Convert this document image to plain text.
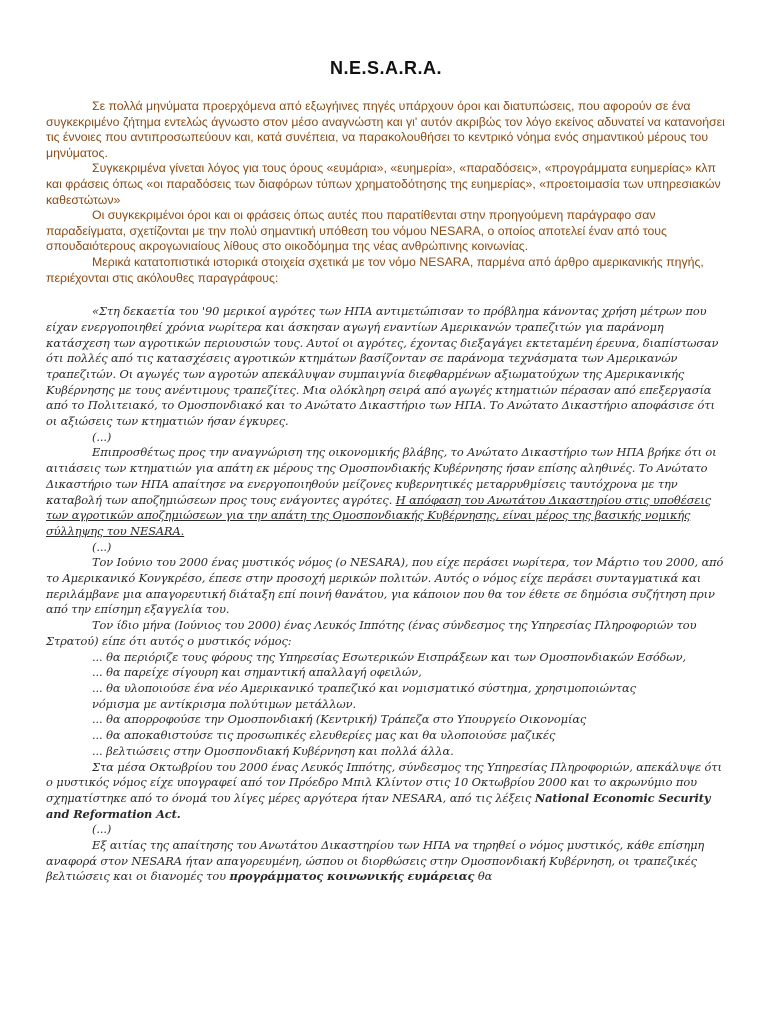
N.E.S.A.R.A.

Σε πολλά μηνύματα προερχόμενα από εξωγήινες πηγές υπάρχουν όροι και διατυπώσεις, που αφορούν σε ένα συγκεκριμένο ζήτημα εντελώς άγνωστο στον μέσο αναγνώστη και γι' αυτόν ακριβώς τον λόγο εκείνος αδυνατεί να κατανοήσει τις έννοιες που αντιπροσωπεύουν και, κατά συνέπεια, να παρακολουθήσει το κεντρικό νόημα ενός σημαντικού μέρους του μηνύματος.

Συγκεκριμένα γίνεται λόγος για τους όρους «ευμάρια», «ευημερία», «παραδόσεις», «προγράμματα ευημερίας» κλπ και φράσεις όπως «οι παραδόσεις των διαφόρων τύπων χρηματοδότησης της ευημερίας», «προετοιμασία των υπηρεσιακών καθεστώτων»

Οι συγκεκριμένοι όροι και οι φράσεις όπως αυτές που παρατίθενται στην προηγούμενη παράγραφο σαν παραδείγματα, σχετίζονται με την πολύ σημαντική υπόθεση του νόμου NESARA, ο οποίος αποτελεί έναν από τους σπουδαιότερους ακρογωνιαίους λίθους στο οικοδόμημα της νέας ανθρώπινης κοινωνίας.

Μερικά κατατοπιστικά ιστορικά στοιχεία σχετικά με τον νόμο NESARA, παρμένα από άρθρο αμερικανικής πηγής, περιέχονται στις ακόλουθες παραγράφους:

«Στη δεκαετία του '90 μερικοί αγρότες των ΗΠΑ αντιμετώπισαν το πρόβλημα κάνοντας χρήση μέτρων που είχαν ενεργοποιηθεί χρόνια νωρίτερα και άσκησαν αγωγή εναντίων Αμερικανών τραπεζιτών για παράνομη κατάσχεση των αγροτικών περιουσιών τους. Αυτοί οι αγρότες, έχοντας διεξαγάγει εκτεταμένη έρευνα, διαπίστωσαν ότι πολλές από τις κατασχέσεις αγροτικών κτημάτων βασίζονταν σε παράνομα τεχνάσματα των Αμερικανών τραπεζιτών. Οι αγωγές των αγροτών απεκάλυψαν συμπαιγνία διεφθαρμένων αξιωματούχων της Αμερικανικής Κυβέρνησης με τους ανέντιμους τραπεζίτες. Μια ολόκληρη σειρά από αγωγές κτηματιών πέρασαν από επεξεργασία από το Πολιτειακό, το Ομοσπονδιακό και το Ανώτατο Δικαστήριο των ΗΠΑ. Το Ανώτατο Δικαστήριο αποφάσισε ότι οι αξιώσεις των κτηματιών ήσαν έγκυρες.

(...)

Επιπροσθέτως προς την αναγνώριση της οικονομικής βλάβης, το Ανώτατο Δικαστήριο των ΗΠΑ βρήκε ότι οι αιτιάσεις των κτηματιών για απάτη εκ μέρους της Ομοσπονδιακής Κυβέρνησης ήσαν επίσης αληθινές. Το Ανώτατο Δικαστήριο των ΗΠΑ απαίτησε να ενεργοποιηθούν μείζονες κυβερνητικές μεταρρυθμίσεις ταυτόχρονα με την καταβολή των αποζημιώσεων προς τους ενάγοντες αγρότες. Η απόφαση του Ανωτάτου Δικαστηρίου στις υποθέσεις των αγροτικών αποζημιώσεων για την απάτη της Ομοσπονδιακής Κυβέρνησης, είναι μέρος της βασικής νομικής σύλληψης του NESARA.

(...)

Τον Ιούνιο του 2000 ένας μυστικός νόμος (ο NESARA), που είχε περάσει νωρίτερα, τον Μάρτιο του 2000, από το Αμερικανικό Κονγκρέσο, έπεσε στην προσοχή μερικών πολιτών. Αυτός ο νόμος είχε περάσει συνταγματικά και περιλάμβανε μια απαγορευτική διάταξη επί ποινή θανάτου, για κάποιον που θα τον έθετε σε δημόσια συζήτηση πριν από την επίσημη εξαγγελία του.

Τον ίδιο μήνα (Ιούνιος του 2000) ένας Λευκός Ιππότης (ένας σύνδεσμος της Υπηρεσίας Πληροφοριών του Στρατού) είπε ότι αυτός ο μυστικός νόμος:

... θα περιόριζε τους φόρους της Υπηρεσίας Εσωτερικών Εισπράξεων και των Ομοσπονδιακών Εσόδων,

... θα παρείχε σίγουρη και σημαντική απαλλαγή οφειλών,

... θα υλοποιούσε ένα νέο Αμερικανικό τραπεζικό και νομισματικό σύστημα, χρησιμοποιώντας

νόμισμα με αντίκρισμα πολύτιμων μετάλλων.

... θα απορροφούσε την Ομοσπονδιακή (Κεντρική) Τράπεζα στο Υπουργείο Οικονομίας

... θα αποκαθιστούσε τις προσωπικές ελευθερίες μας και θα υλοποιούσε μαζικές

... βελτιώσεις στην Ομοσπονδιακή Κυβέρνηση και πολλά άλλα.

Στα μέσα Οκτωβρίου του 2000 ένας Λευκός Ιππότης, σύνδεσμος της Υπηρεσίας Πληροφοριών, απεκάλυψε ότι ο μυστικός νόμος είχε υπογραφεί από τον Πρόεδρο Μπιλ Κλίντον στις 10 Οκτωβρίου 2000 και το ακρωνύμιο που σχηματίστηκε από το όνομά του λίγες μέρες αργότερα ήταν NESARA, από τις λέξεις National Economic Security and Reformation Act.

(...)

Εξ αιτίας της απαίτησης του Ανωτάτου Δικαστηρίου των ΗΠΑ να τηρηθεί ο νόμος μυστικός, κάθε επίσημη αναφορά στον NESARA ήταν απαγορευμένη, ώσπου οι διορθώσεις στην Ομοσπονδιακή Κυβέρνηση, οι τραπεζικές βελτιώσεις και οι διανομές του προγράμματος κοινωνικής ευμάρειας θα
